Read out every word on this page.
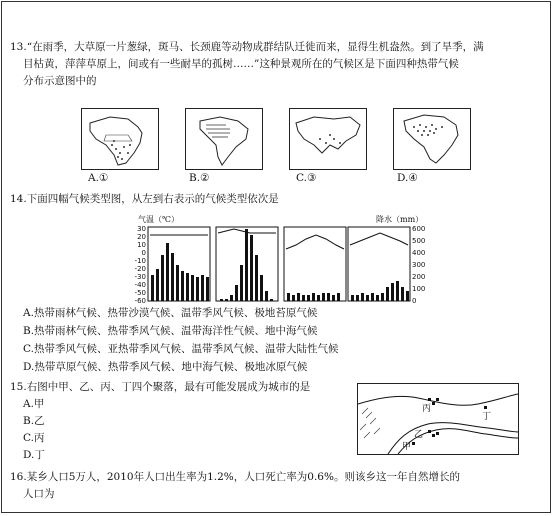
13.“在雨季，大草原一片葱绿，斑马、长颈鹿等动物成群结队迁徙而来，显得生机盎然。到了旱季，满
目枯黄，萍萍草原上，间或有一些耐旱的孤树……”这种景观所在的气候区是下面四种热带气候
分布示意图中的
A.①	B.②	C.③	D.④
14.下面四幅气候类型图，从左到右表示的气候类型依次是
气温（℃）	降水（mm）
30
20
10
0
-10
-20
-30
-40
-50
-60
600
500
400
300
200
100
0
A.热带雨林气候、热带沙漠气候、温带季风气候、极地苔原气候
B.热带雨林气候、热带季风气候、温带海洋性气候、地中海气候
C.热带季风气候、亚热带季风气候、温带季风气候、温带大陆性气候
D.热带草原气候、热带季风气候、地中海气候、极地冰原气候
15.右图中甲、乙、丙、丁四个聚落，最有可能发展成为城市的是
A.甲
B.乙
C.丙
D.丁
丙
丁
乙
甲
16.某乡人口5万人，2010年人口出生率为1.2%，人口死亡率为0.6%。则该乡这一年自然增长的
人口为
